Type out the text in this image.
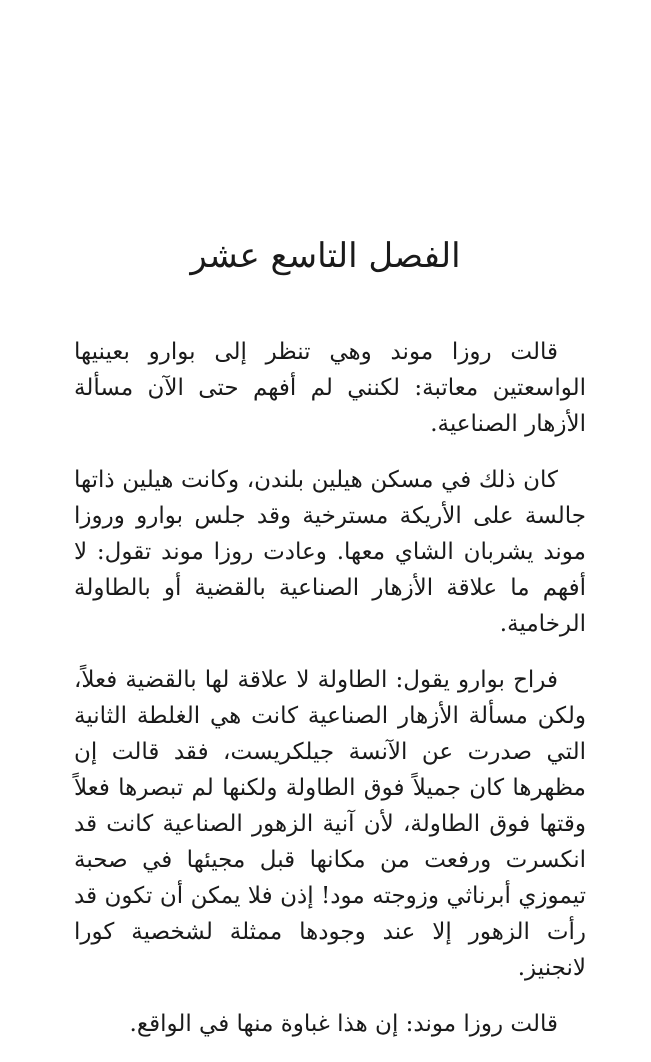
الفصل التاسع عشر

قالت روزا موند وهي تنظر إلى بوارو بعينيها الواسعتين معاتبة: لكنني لم أفهم حتى الآن مسألة الأزهار الصناعية.

كان ذلك في مسكن هيلين بلندن، وكانت هيلين ذاتها جالسة على الأريكة مسترخية وقد جلس بوارو وروزا موند يشربان الشاي معها. وعادت روزا موند تقول: لا أفهم ما علاقة الأزهار الصناعية بالقضية أو بالطاولة الرخامية.

فراح بوارو يقول: الطاولة لا علاقة لها بالقضية فعلاً، ولكن مسألة الأزهار الصناعية كانت هي الغلطة الثانية التي صدرت عن الآنسة جيلكريست، فقد قالت إن مظهرها كان جميلاً فوق الطاولة ولكنها لم تبصرها فعلاً وقتها فوق الطاولة، لأن آنية الزهور الصناعية كانت قد انكسرت ورفعت من مكانها قبل مجيئها في صحبة تيموزي أبرناثي وزوجته مود! إذن فلا يمكن أن تكون قد رأت الزهور إلا عند وجودها ممثلة لشخصية كورا لانجنيز.

قالت روزا موند: إن هذا غباوة منها في الواقع.
